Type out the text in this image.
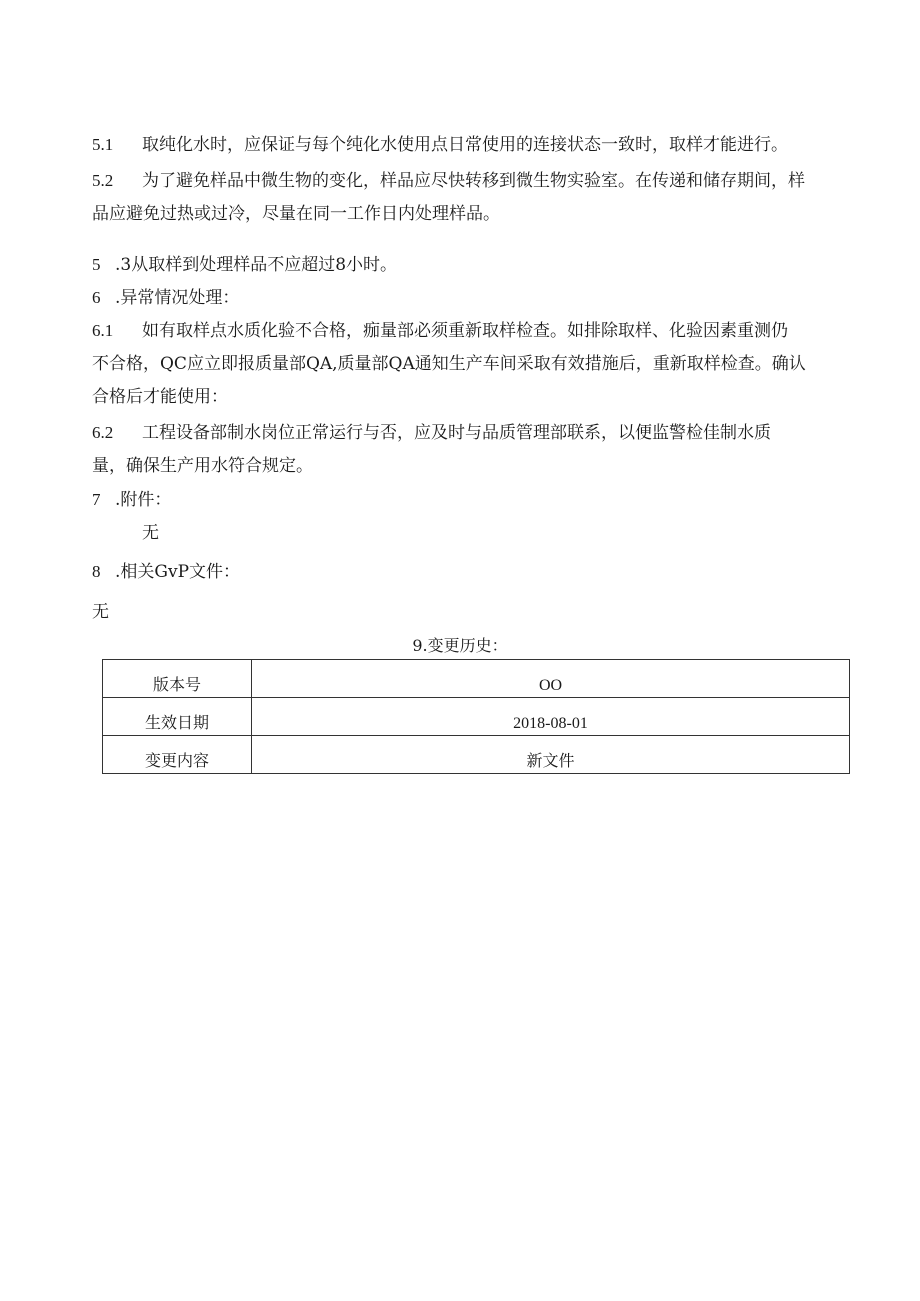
5.1 取纯化水时，应保证与每个纯化水使用点日常使用的连接状态一致时，取样才能进行。
5.2 为了避免样品中微生物的变化，样品应尽快转移到微生物实验室。在传递和储存期间，样
品应避免过热或过冷，尽量在同一工作日内处理样品。
5 .3从取样到处理样品不应超过8小时。
6 .异常情况处理：
6.1 如有取样点水质化验不合格，痂量部必须重新取样检查。如排除取样、化验因素重测仍
不合格，QC应立即报质量部QA,质量部QA通知生产车间采取有效措施后，重新取样检查。确认
合格后才能使用：
6.2 工程设备部制水岗位正常运行与否，应及时与品质管理部联系，以便监警检佳制水质
量，确保生产用水符合规定。
7 .附件：
无
8 .相关GvP文件：
无
9.变更历史：
版本号	OO
生效日期	2018-08-01
变更内容	新文件
